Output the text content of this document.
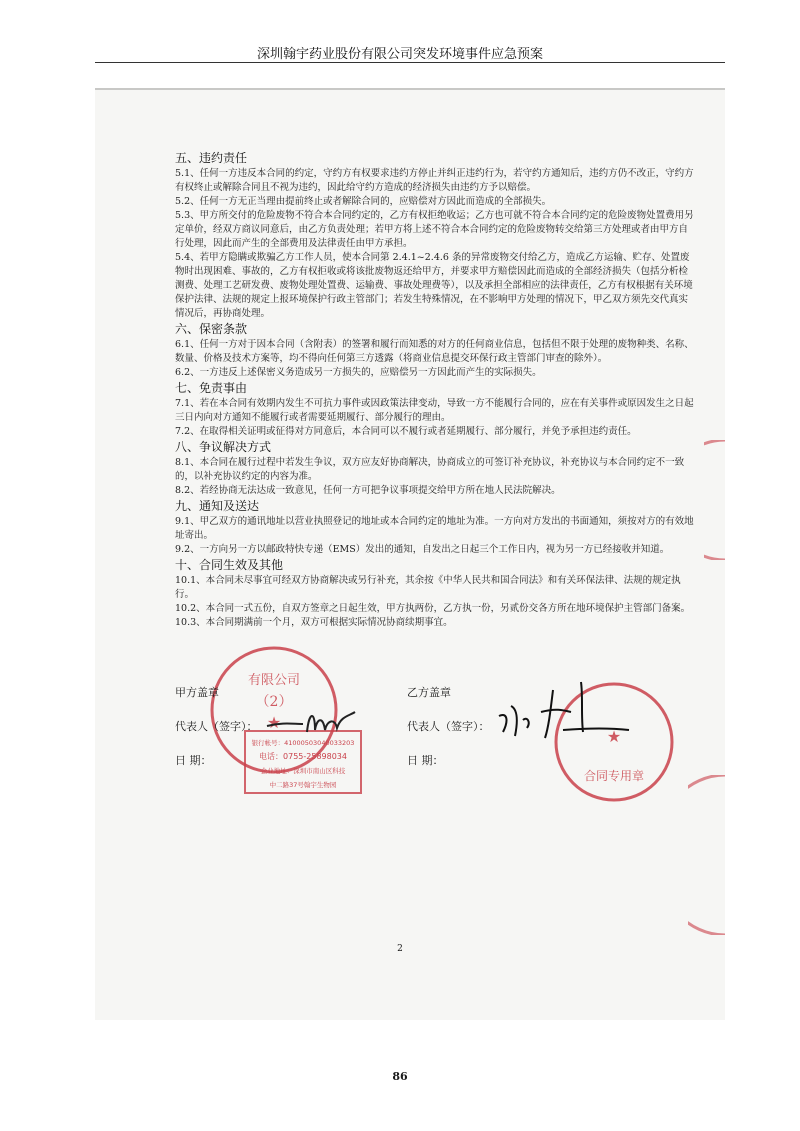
深圳翰宇药业股份有限公司突发环境事件应急预案
五、违约责任

5.1、任何一方违反本合同的约定，守约方有权要求违约方停止并纠正违约行为，若守约方通知后，违约方仍不改正，守约方有权终止或解除合同且不视为违约，因此给守约方造成的经济损失由违约方予以赔偿。

5.2、任何一方无正当理由提前终止或者解除合同的，应赔偿对方因此而造成的全部损失。

5.3、甲方所交付的危险废物不符合本合同约定的，乙方有权拒绝收运；乙方也可就不符合本合同约定的危险废物处置费用另定单价，经双方商议同意后，由乙方负责处理；若甲方将上述不符合本合同约定的危险废物转交给第三方处理或者由甲方自行处理，因此而产生的全部费用及法律责任由甲方承担。

5.4、若甲方隐瞒或欺骗乙方工作人员，使本合同第 2.4.1~2.4.6 条的异常废物交付给乙方，造成乙方运输、贮存、处置废物时出现困难、事故的，乙方有权拒收或将该批废物返还给甲方，并要求甲方赔偿因此而造成的全部经济损失（包括分析检测费、处理工艺研发费、废物处理处置费、运输费、事故处理费等），以及承担全部相应的法律责任，乙方有权根据有关环境保护法律、法规的规定上报环境保护行政主管部门；若发生特殊情况，在不影响甲方处理的情况下，甲乙双方须先交代真实情况后，再协商处理。

六、保密条款

6.1、任何一方对于因本合同（含附表）的签署和履行而知悉的对方的任何商业信息，包括但不限于处理的废物种类、名称、数量、价格及技术方案等，均不得向任何第三方透露（将商业信息提交环保行政主管部门审查的除外）。

6.2、一方违反上述保密义务造成另一方损失的，应赔偿另一方因此而产生的实际损失。

七、免责事由

7.1、若在本合同有效期内发生不可抗力事件或因政策法律变动，导致一方不能履行合同的，应在有关事件或原因发生之日起三日内向对方通知不能履行或者需要延期履行、部分履行的理由。

7.2、在取得相关证明或征得对方同意后，本合同可以不履行或者延期履行、部分履行，并免予承担违约责任。

八、争议解决方式

8.1、本合同在履行过程中若发生争议，双方应友好协商解决，协商成立的可签订补充协议，补充协议与本合同约定不一致的，以补充协议约定的内容为准。

8.2、若经协商无法达成一致意见，任何一方可把争议事项提交给甲方所在地人民法院解决。

九、通知及送达

9.1、甲乙双方的通讯地址以营业执照登记的地址或本合同约定的地址为准。一方向对方发出的书面通知，须按对方的有效地址寄出。

9.2、一方向另一方以邮政特快专递（EMS）发出的通知，自发出之日起三个工作日内，视为另一方已经接收并知道。

十、合同生效及其他

10.1、本合同未尽事宜可经双方协商解决或另行补充，其余按《中华人民共和国合同法》和有关环保法律、法规的规定执行。

10.2、本合同一式五份，自双方签章之日起生效，甲方执两份，乙方执一份，另贰份交各方所在地环境保护主管部门备案。

10.3、本合同期满前一个月，双方可根据实际情况协商续期事宜。

有限公司
（2）
★
银行帐号：41000503040033203
电话：0755-25898034
企业地址：深圳市南山区科技
中二路37号翰宇生物园
★
合同专用章
甲方盖章	乙方盖章
代表人（签字）：	代表人（签字）：
日 期：	日 期：
2
86
